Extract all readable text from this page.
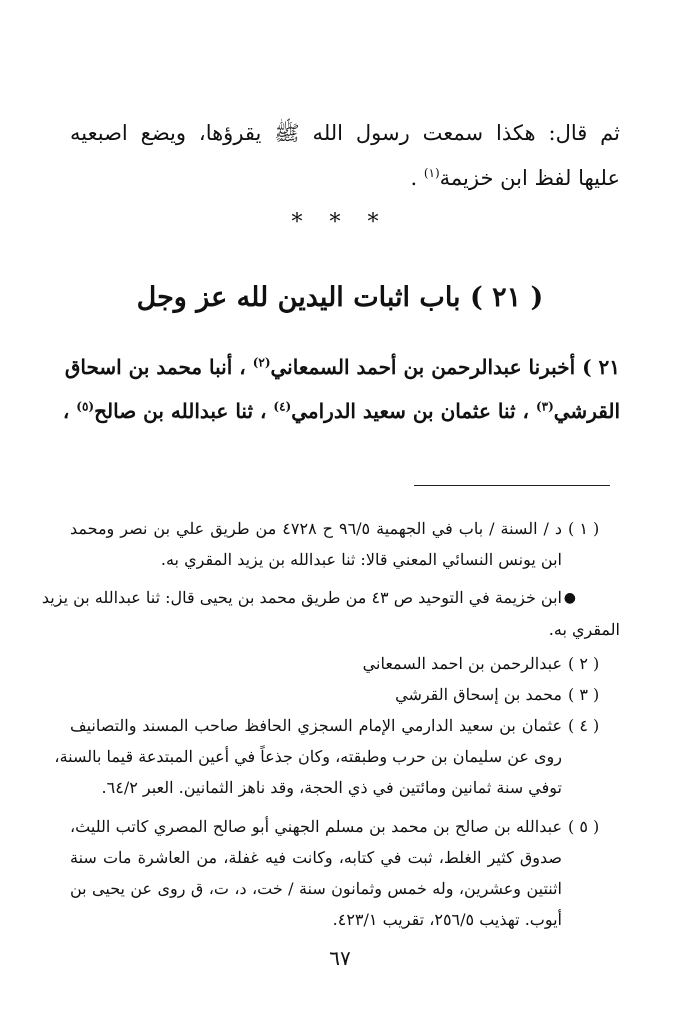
ثم قال: هكذا سمعت رسول الله ﷺ يقرؤها، ويضع اصبعيه
عليها لفظ ابن خزيمة$^{(١)}$ .
* * *
( ٢١ ) باب اثبات اليدين لله عز وجل
٢١ ) أخبرنا عبدالرحمن بن أحمد السمعاني$^{(٢)}$ ، أنبا محمد بن اسحاق
القرشي$^{(٣)}$ ، ثنا عثمان بن سعيد الدرامي$^{(٤)}$ ، ثنا عبدالله بن صالح$^{(٥)}$ ،
( ١ )
د / السنة / باب في الجهمية ٩٦/٥ ح ٤٧٢٨ من طريق علي بن نصر ومحمد
ابن يونس النسائي المعني قالا: ثنا عبدالله بن يزيد المقري به.
●
ابن خزيمة في التوحيد ص ٤٣ من طريق محمد بن يحيى قال: ثنا عبدالله بن يزيد
المقري به.
( ٢ )
عبدالرحمن بن احمد السمعاني
( ٣ )
محمد بن إسحاق القرشي
( ٤ )
عثمان بن سعيد الدارمي الإمام السجزي الحافظ صاحب المسند والتصانيف
روى عن سليمان بن حرب وطبقته، وكان جذعاً في أعين المبتدعة قيما بالسنة،
توفي سنة ثمانين ومائتين في ذي الحجة، وقد ناهز الثمانين. العبر ٦٤/٢.
( ٥ )
عبدالله بن صالح بن محمد بن مسلم الجهني أبو صالح المصري كاتب الليث،
صدوق كثير الغلط، ثبت في كتابه، وكانت فيه غفلة، من العاشرة مات سنة
اثنتين وعشرين، وله خمس وثمانون سنة / خت، د، ت، ق روى عن يحيى بن
أيوب. تهذيب ٢٥٦/٥، تقريب ٤٢٣/١.
٦٧
